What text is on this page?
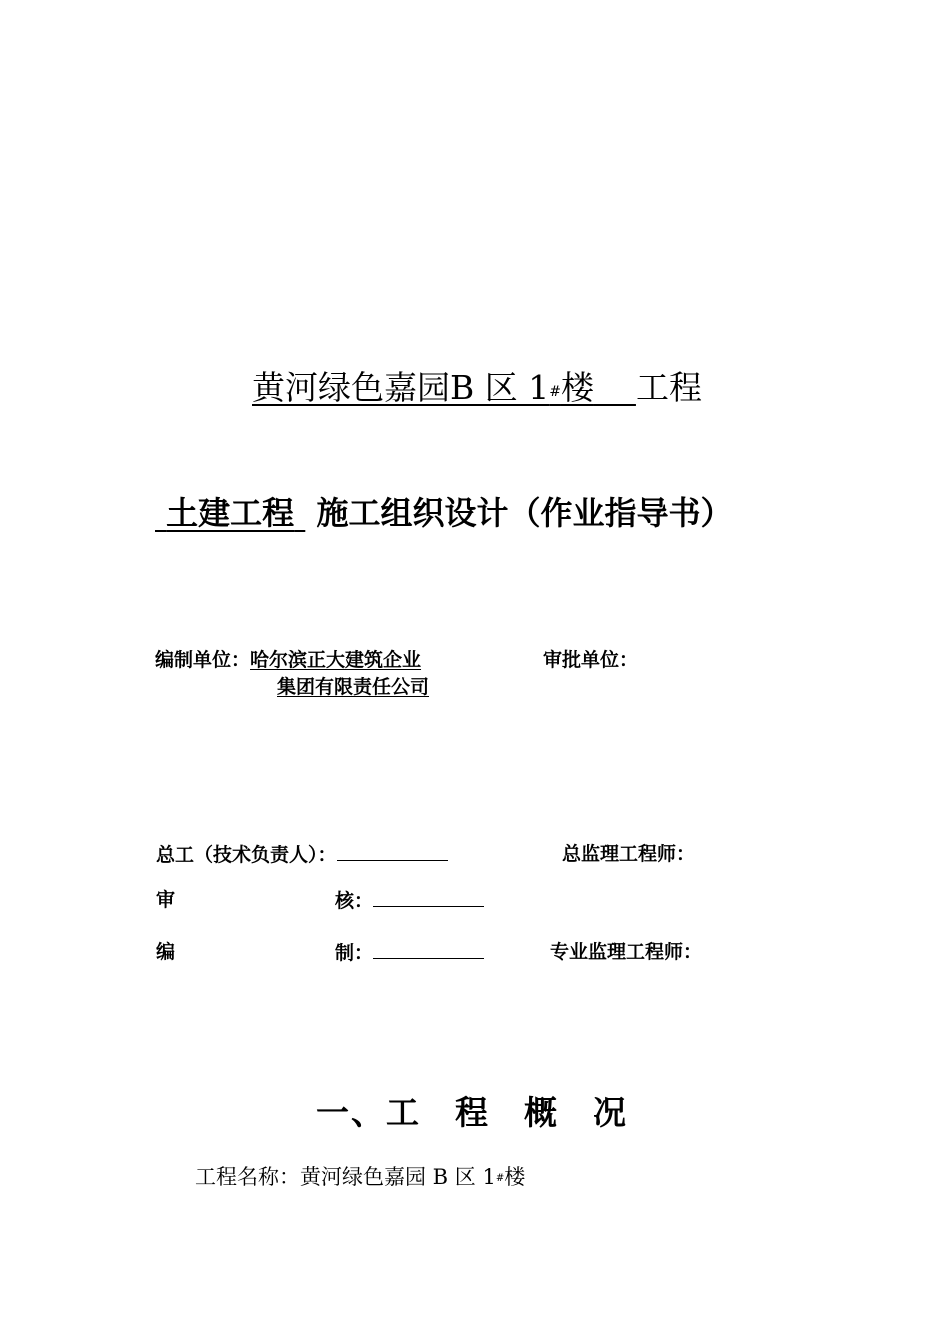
黄河绿色嘉园B 区 1#楼 工程
土建工程 施工组织设计（作业指导书）
编制单位：哈尔滨正大建筑企业
集团有限责任公司
审批单位：
总工（技术负责人）：	总监理工程师：
审	核：
编	制：	专业监理工程师：
一、工 程 概 况
工程名称：黄河绿色嘉园 B 区 1#楼
